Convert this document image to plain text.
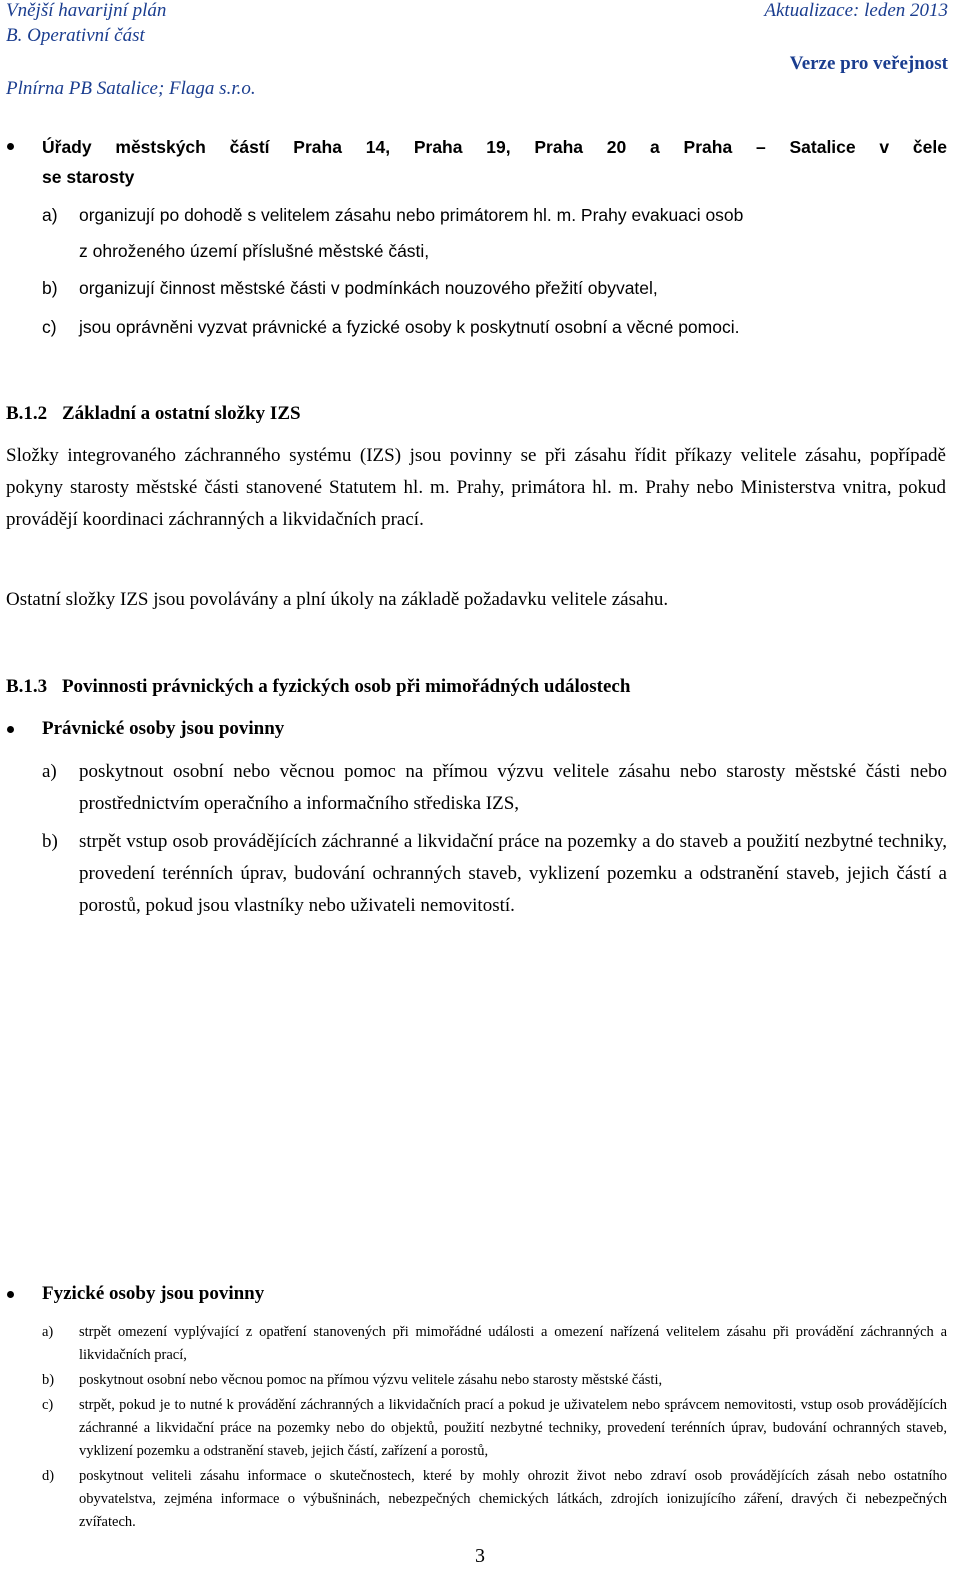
Vnější havarijní plán
B. Operativní část
Plnírna PB Satalice; Flaga s.r.o.
Aktualizace: leden 2013
Verze pro veřejnost
Úřady městských částí Praha 14, Praha 19, Praha 20 a Praha – Satalice v čele
se starosty
a) organizují po dohodě s velitelem zásahu nebo primátorem hl. m. Prahy evakuaci osob
z ohroženého území příslušné městské části,
b) organizují činnost městské části v podmínkách nouzového přežití obyvatel,
c) jsou oprávněni vyzvat právnické a fyzické osoby k poskytnutí osobní a věcné pomoci.
B.1.2 Základní a ostatní složky IZS
Složky integrovaného záchranného systému (IZS) jsou povinny se při zásahu řídit příkazy velitele zásahu, popřípadě pokyny starosty městské části stanovené Statutem hl. m. Prahy, primátora hl. m. Prahy nebo Ministerstva vnitra, pokud provádějí koordinaci záchranných a likvidačních prací.
Ostatní složky IZS jsou povolávány a plní úkoly na základě požadavku velitele zásahu.
B.1.3 Povinnosti právnických a fyzických osob při mimořádných událostech
Právnické osoby jsou povinny
a) poskytnout osobní nebo věcnou pomoc na přímou výzvu velitele zásahu nebo starosty městské části nebo prostřednictvím operačního a informačního střediska IZS,
b) strpět vstup osob provádějících záchranné a likvidační práce na pozemky a do staveb a použití nezbytné techniky, provedení terénních úprav, budování ochranných staveb, vyklizení pozemku a odstranění staveb, jejich částí a porostů, pokud jsou vlastníky nebo uživateli nemovitostí.
Fyzické osoby jsou povinny
a) strpět omezení vyplývající z opatření stanovených při mimořádné události a omezení nařízená velitelem zásahu při provádění záchranných a likvidačních prací,
b) poskytnout osobní nebo věcnou pomoc na přímou výzvu velitele zásahu nebo starosty městské části,
c) strpět, pokud je to nutné k provádění záchranných a likvidačních prací a pokud je uživatelem nebo správcem nemovitosti, vstup osob provádějících záchranné a likvidační práce na pozemky nebo do objektů, použití nezbytné techniky, provedení terénních úprav, budování ochranných staveb, vyklizení pozemku a odstranění staveb, jejich částí, zařízení a porostů,
3
d) poskytnout veliteli zásahu informace o skutečnostech, které by mohly ohrozit život nebo zdraví osob provádějících zásah nebo ostatního obyvatelstva, zejména informace o výbušninách, nebezpečných chemických látkách, zdrojích ionizujícího záření, dravých či nebezpečných zvířatech.
